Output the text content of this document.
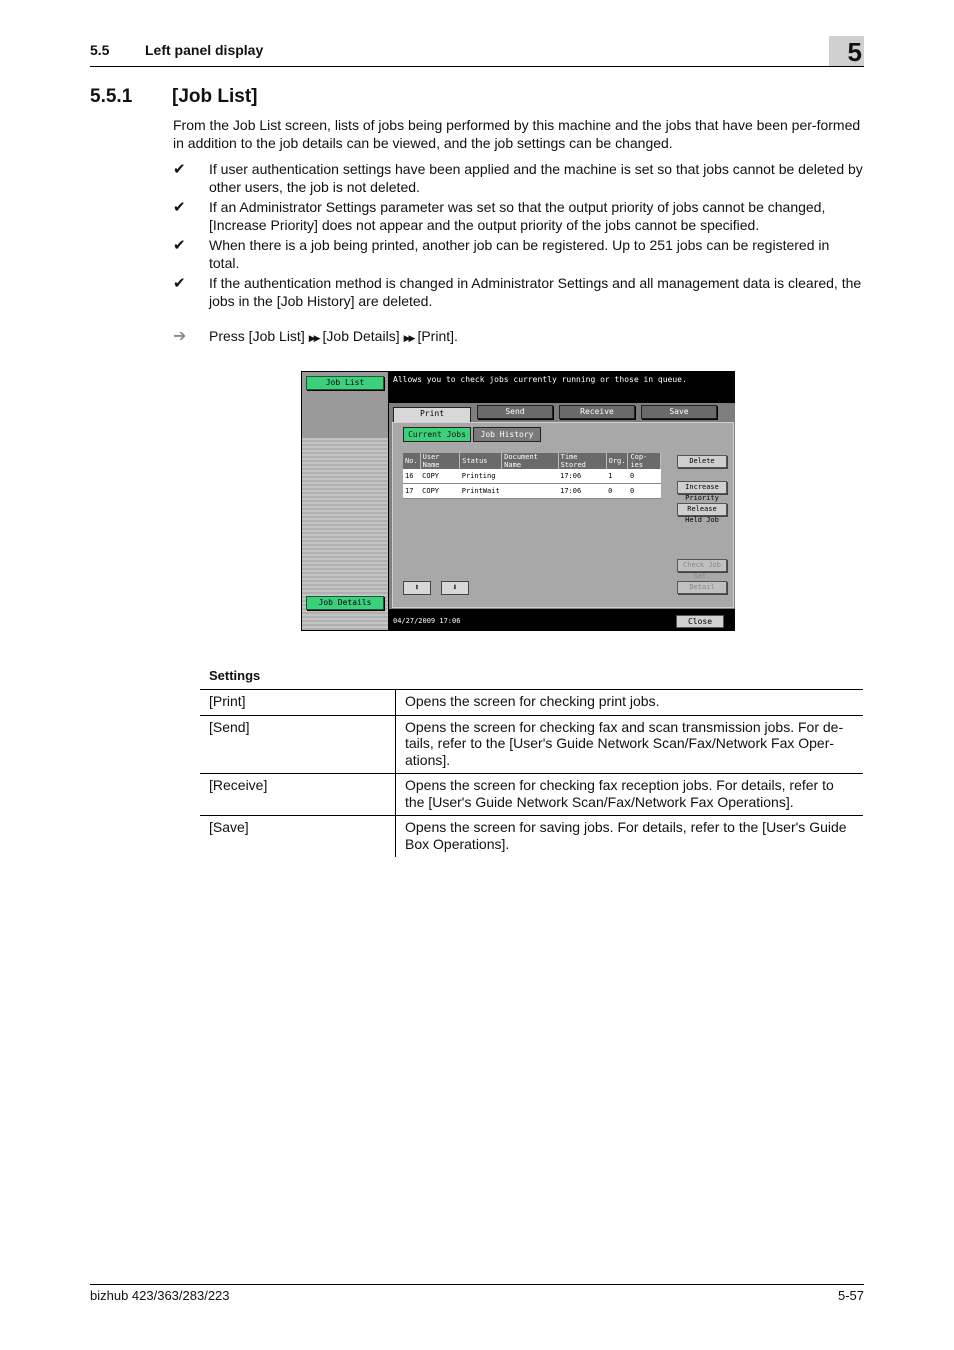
5.5	Left panel display	5
5.5.1 [Job List]
From the Job List screen, lists of jobs being performed by this machine and the jobs that have been per-formed in addition to the job details can be viewed, and the job settings can be changed.
✔ If user authentication settings have been applied and the machine is set so that jobs cannot be deleted by other users, the job is not deleted.
✔ If an Administrator Settings parameter was set so that the output priority of jobs cannot be changed, [Increase Priority] does not appear and the output priority of the jobs cannot be specified.
✔ When there is a job being printed, another job can be registered. Up to 251 jobs can be registered in total.
✔ If the authentication method is changed in Administrator Settings and all management data is cleared, the jobs in the [Job History] are deleted.
➔ Press [Job List] ▶▶ [Job Details] ▶▶ [Print].
Job List
Job Details
Allows you to check jobs currently running or those in queue.
Print	Send	Receive	Save
Current Jobs	Job History
No.	User Name	Status	Document Name	Time Stored	Org.	Cop-ies
16	COPY	Printing		17:06	1	0
17	COPY	PrintWait		17:06	0	0
Delete
Increase Priority
Release Held Job
Check Job Set.
Detail
⬆	⬇
04/27/2009 17:06	Close
Settings
[Print]	Opens the screen for checking print jobs.
[Send]	Opens the screen for checking fax and scan transmission jobs. For de-tails, refer to the [User's Guide Network Scan/Fax/Network Fax Oper-ations].
[Receive]	Opens the screen for checking fax reception jobs. For details, refer to the [User's Guide Network Scan/Fax/Network Fax Operations].
[Save]	Opens the screen for saving jobs. For details, refer to the [User's Guide Box Operations].
bizhub 423/363/283/223	5-57
